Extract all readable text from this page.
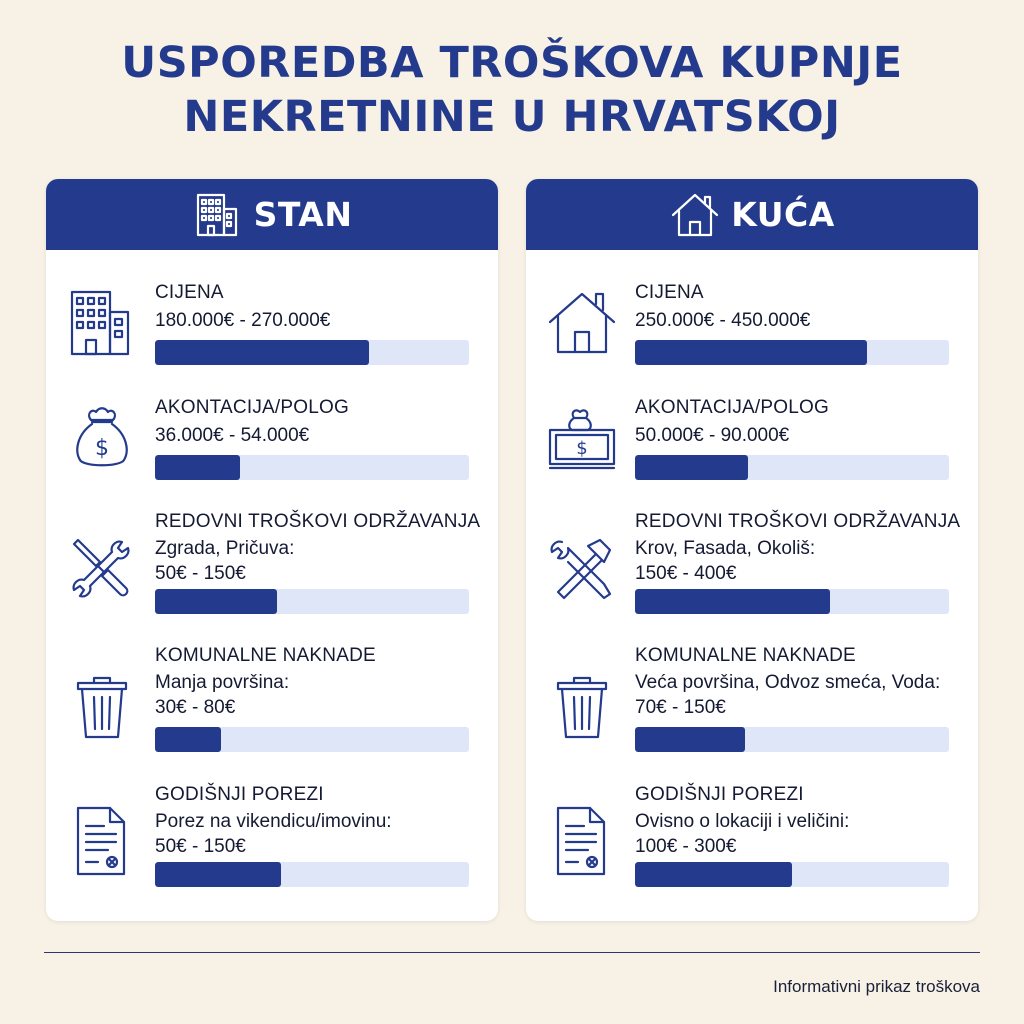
USPOREDBA TROŠKOVA KUPNJE
NEKRETNINE U HRVATSKOJ
STAN
CIJENA
180.000€ - 270.000€
$
AKONTACIJA/POLOG
36.000€ - 54.000€
REDOVNI TROŠKOVI ODRŽAVANJA
Zgrada, Pričuva:
50€ - 150€
KOMUNALNE NAKNADE
Manja površina:
30€ - 80€
GODIŠNJI POREZI
Porez na vikendicu/imovinu:
50€ - 150€
KUĆA
CIJENA
250.000€ - 450.000€
$
AKONTACIJA/POLOG
50.000€ - 90.000€
REDOVNI TROŠKOVI ODRŽAVANJA
Krov, Fasada, Okoliš:
150€ - 400€
KOMUNALNE NAKNADE
Veća površina, Odvoz smeća, Voda:
70€ - 150€
GODIŠNJI POREZI
Ovisno o lokaciji i veličini:
100€ - 300€
Informativni prikaz troškova
